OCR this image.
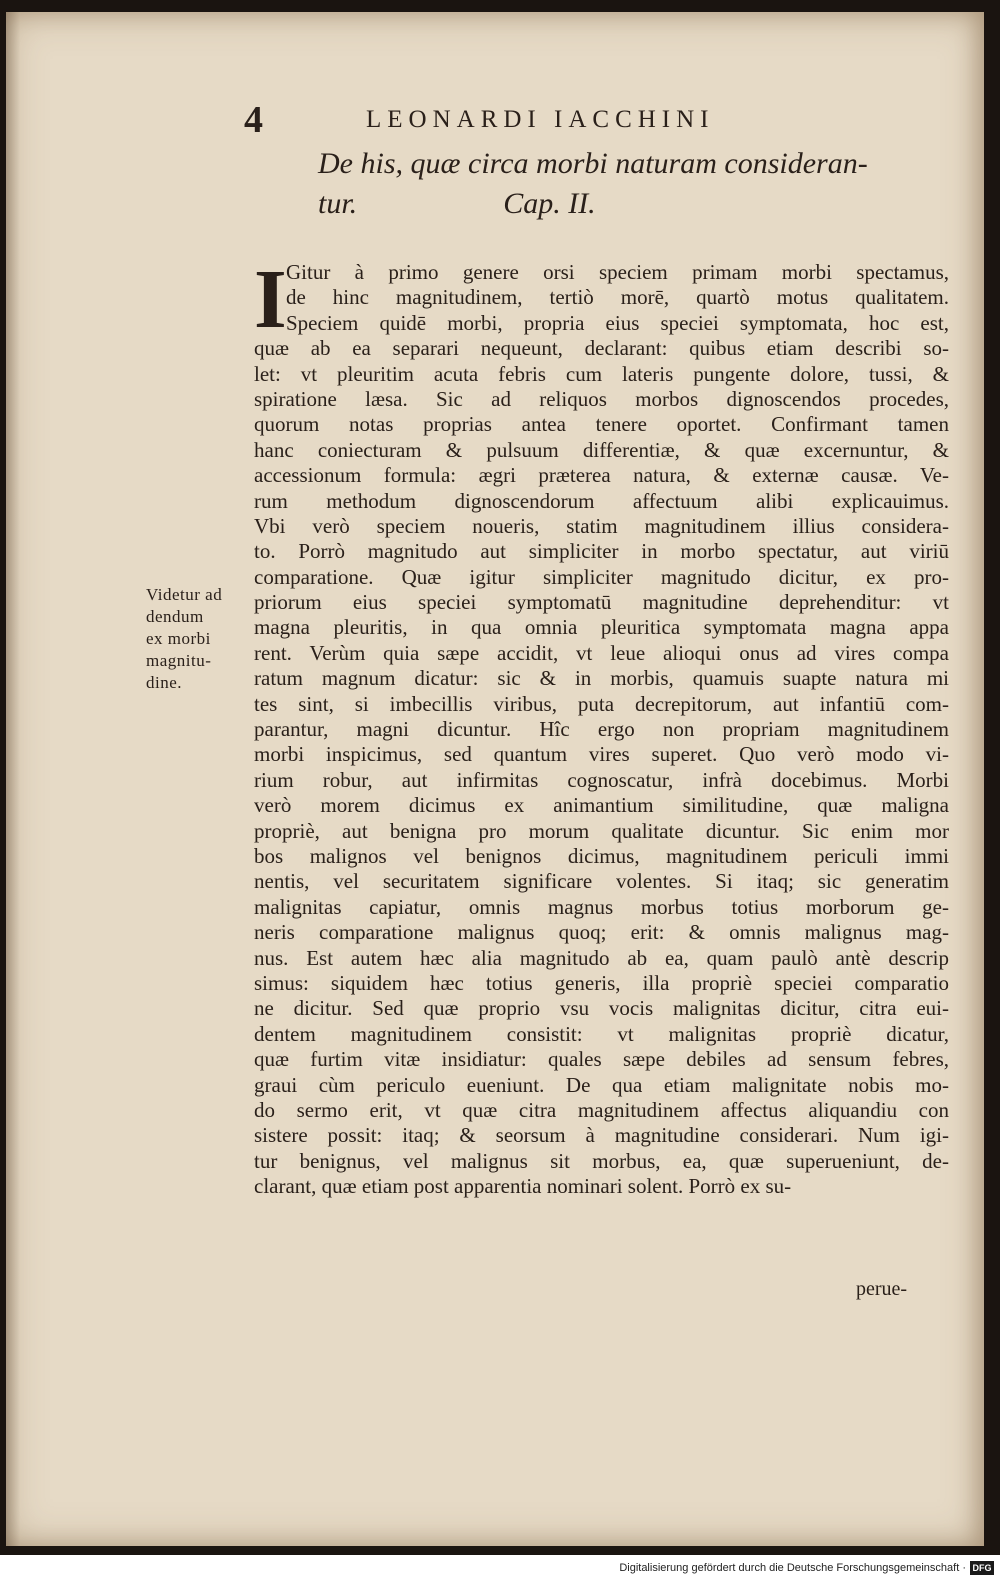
4	LEONARDI IACCHINI
De his, quæ circa morbi naturam consideran-
tur.	Cap. II.
Videtur ad
dendum
ex morbi
magnitu-
dine.
I Gitur à primo genere orsi speciem primam morbi spectamus,
de hinc magnitudinem, tertiò morē, quartò motus qualitatem.
Speciem quidē morbi, propria eius speciei symptomata, hoc est,
quæ ab ea separari nequeunt, declarant: quibus etiam describi so-
let: vt pleuritim acuta febris cum lateris pungente dolore, tussi, &
spiratione læsa. Sic ad reliquos morbos dignoscendos procedes,
quorum notas proprias antea tenere oportet. Confirmant tamen
hanc coniecturam & pulsuum differentiæ, & quæ excernuntur, &
accessionum formula: ægri præterea natura, & externæ causæ. Ve-
rum methodum dignoscendorum affectuum alibi explicauimus.
Vbi verò speciem noueris, statim magnitudinem illius considera-
to. Porrò magnitudo aut simpliciter in morbo spectatur, aut viriū
comparatione. Quæ igitur simpliciter magnitudo dicitur, ex pro-
priorum eius speciei symptomatū magnitudine deprehenditur: vt
magna pleuritis, in qua omnia pleuritica symptomata magna appa
rent. Verùm quia sæpe accidit, vt leue alioqui onus ad vires compa
ratum magnum dicatur: sic & in morbis, quamuis suapte natura mi
tes sint, si imbecillis viribus, puta decrepitorum, aut infantiū com-
parantur, magni dicuntur. Hîc ergo non propriam magnitudinem
morbi inspicimus, sed quantum vires superet. Quo verò modo vi-
rium robur, aut infirmitas cognoscatur, infrà docebimus. Morbi
verò morem dicimus ex animantium similitudine, quæ maligna
propriè, aut benigna pro morum qualitate dicuntur. Sic enim mor
bos malignos vel benignos dicimus, magnitudinem periculi immi
nentis, vel securitatem significare volentes. Si itaq; sic generatim
malignitas capiatur, omnis magnus morbus totius morborum ge-
neris comparatione malignus quoq; erit: & omnis malignus mag-
nus. Est autem hæc alia magnitudo ab ea, quam paulò antè descrip
simus: siquidem hæc totius generis, illa propriè speciei comparatio
ne dicitur. Sed quæ proprio vsu vocis malignitas dicitur, citra eui-
dentem magnitudinem consistit: vt malignitas propriè dicatur,
quæ furtim vitæ insidiatur: quales sæpe debiles ad sensum febres,
graui cùm periculo eueniunt. De qua etiam malignitate nobis mo-
do sermo erit, vt quæ citra magnitudinem affectus aliquandiu con
sistere possit: itaq; & seorsum à magnitudine considerari. Num igi-
tur benignus, vel malignus sit morbus, ea, quæ superueniunt, de-
clarant, quæ etiam post apparentia nominari solent. Porrò ex su-
perue-
Digitalisierung gefördert durch die Deutsche Forschungsgemeinschaft · DFG
